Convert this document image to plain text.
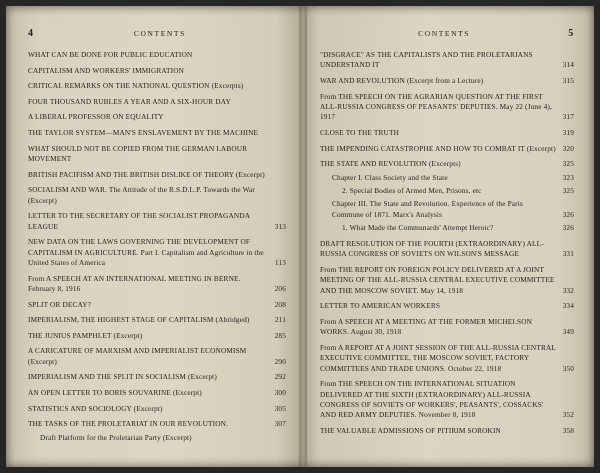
4	CONTENTS
WHAT CAN BE DONE FOR PUBLIC EDUCATION
CAPITALISM AND WORKERS' IMMIGRATION
CRITICAL REMARKS ON THE NATIONAL QUESTION (Excerpts)
FOUR THOUSAND RUBLES A YEAR AND A SIX-HOUR DAY
A LIBERAL PROFESSOR ON EQUALITY
THE TAYLOR SYSTEM—MAN'S ENSLAVEMENT BY THE MACHINE
WHAT SHOULD NOT BE COPIED FROM THE GERMAN LABOUR MOVEMENT
BRITISH PACIFISM AND THE BRITISH DISLIKE OF THEORY (Excerpt)
SOCIALISM AND WAR. The Attitude of the R.S.D.L.P. Towards the War (Excerpt)
LETTER TO THE SECRETARY OF THE SOCIALIST PROPAGANDA LEAGUE	313
NEW DATA ON THE LAWS GOVERNING THE DEVELOPMENT OF CAPITALISM IN AGRICULTURE. Part I. Capitalism and Agriculture in the United States of America	113
From A SPEECH AT AN INTERNATIONAL MEETING IN BERNE. February 8, 1916	206
SPLIT OR DECAY?	208
IMPERIALISM, THE HIGHEST STAGE OF CAPITALISM (Abridged)	211
THE JUNIUS PAMPHLET (Excerpt)	285
A CARICATURE OF MARXISM AND IMPERIALIST ECONOMISM (Excerpt)	290
IMPERIALISM AND THE SPLIT IN SOCIALISM (Excerpt)	292
AN OPEN LETTER TO BORIS SOUVARINE (Excerpt)	300
STATISTICS AND SOCIOLOGY (Excerpt)	305
THE TASKS OF THE PROLETARIAT IN OUR REVOLUTION.	307
Draft Platform for the Proletarian Party (Excerpt)
CONTENTS	5
"DISGRACE" AS THE CAPITALISTS AND THE PROLETARIANS UNDERSTAND IT	314
WAR AND REVOLUTION (Excerpt from a Lecture)	315
From THE SPEECH ON THE AGRARIAN QUESTION AT THE FIRST ALL-RUSSIA CONGRESS OF PEASANTS' DEPUTIES. May 22 (June 4), 1917	317
CLOSE TO THE TRUTH	319
THE IMPENDING CATASTROPHE AND HOW TO COMBAT IT (Excerpt) 320
THE STATE AND REVOLUTION (Excerpts)	325
Chapter I. Class Society and the State	323
2. Special Bodies of Armed Men, Prisons, etc	325
Chapter III. The State and Revolution. Experience of the Paris Commune of 1871. Marx's Analysis	326
1. What Made the Communards' Attempt Heroic?	326
DRAFT RESOLUTION OF THE FOURTH (EXTRAORDINARY) ALL-RUSSIA CONGRESS OF SOVIETS ON WILSON'S MESSAGE	331
From THE REPORT ON FOREIGN POLICY DELIVERED AT A JOINT MEETING OF THE ALL-RUSSIA CENTRAL EXECUTIVE COMMITTEE AND THE MOSCOW SOVIET. May 14, 1918	332
LETTER TO AMERICAN WORKERS	334
From A SPEECH AT A MEETING AT THE FORMER MICHELSON WORKS. August 30, 1918	349
From A REPORT AT A JOINT SESSION OF THE ALL-RUSSIA CENTRAL EXECUTIVE COMMITTEE, THE MOSCOW SOVIET, FACTORY COMMITTEES AND TRADE UNIONS. October 22, 1918	350
From THE SPEECH ON THE INTERNATIONAL SITUATION DELIVERED AT THE SIXTH (EXTRAORDINARY) ALL-RUSSIA CONGRESS OF SOVIETS OF WORKERS', PEASANTS', COSSACKS' AND RED ARMY DEPUTIES. November 8, 1918	352
THE VALUABLE ADMISSIONS OF PITIRIM SOROKIN	358
